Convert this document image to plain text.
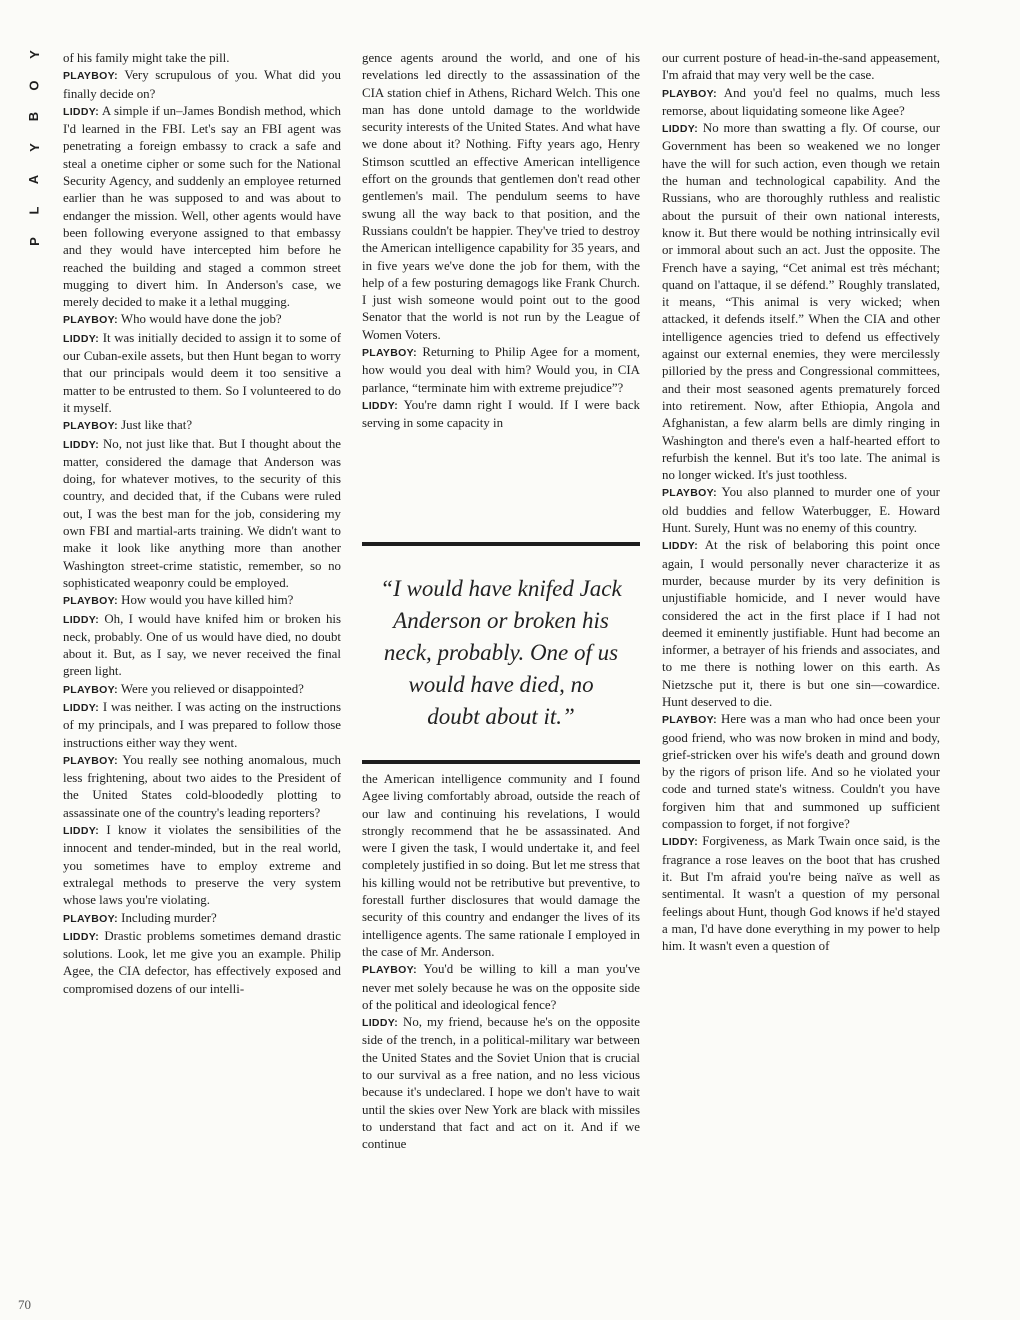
Y
O
B
Y
A
L
P

of his family might take the pill.

PLAYBOY: Very scrupulous of you. What did you finally decide on?

LIDDY: A simple if un–James Bondish method, which I'd learned in the FBI. Let's say an FBI agent was penetrating a foreign embassy to crack a safe and steal a onetime cipher or some such for the National Security Agency, and suddenly an employee returned earlier than he was supposed to and was about to endanger the mission. Well, other agents would have been following everyone assigned to that embassy and they would have intercepted him before he reached the building and staged a common street mugging to divert him. In Anderson's case, we merely decided to make it a lethal mugging.

PLAYBOY: Who would have done the job?

LIDDY: It was initially decided to assign it to some of our Cuban-exile assets, but then Hunt began to worry that our principals would deem it too sensitive a matter to be entrusted to them. So I volunteered to do it myself.

PLAYBOY: Just like that?

LIDDY: No, not just like that. But I thought about the matter, considered the damage that Anderson was doing, for whatever motives, to the security of this country, and decided that, if the Cubans were ruled out, I was the best man for the job, considering my own FBI and martial-arts training. We didn't want to make it look like anything more than another Washington street-crime statistic, remember, so no sophisticated weaponry could be employed.

PLAYBOY: How would you have killed him?

LIDDY: Oh, I would have knifed him or broken his neck, probably. One of us would have died, no doubt about it. But, as I say, we never received the final green light.

PLAYBOY: Were you relieved or disappointed?

LIDDY: I was neither. I was acting on the instructions of my principals, and I was prepared to follow those instructions either way they went.

PLAYBOY: You really see nothing anomalous, much less frightening, about two aides to the President of the United States cold-bloodedly plotting to assassinate one of the country's leading reporters?

LIDDY: I know it violates the sensibilities of the innocent and tender-minded, but in the real world, you sometimes have to employ extreme and extralegal methods to preserve the very system whose laws you're violating.

PLAYBOY: Including murder?

LIDDY: Drastic problems sometimes demand drastic solutions. Look, let me give you an example. Philip Agee, the CIA defector, has effectively exposed and compromised dozens of our intelli-

gence agents around the world, and one of his revelations led directly to the assassination of the CIA station chief in Athens, Richard Welch. This one man has done untold damage to the worldwide security interests of the United States. And what have we done about it? Nothing. Fifty years ago, Henry Stimson scuttled an effective American intelligence effort on the grounds that gentlemen don't read other gentlemen's mail. The pendulum seems to have swung all the way back to that position, and the Russians couldn't be happier. They've tried to destroy the American intelligence capability for 35 years, and in five years we've done the job for them, with the help of a few posturing demagogs like Frank Church. I just wish someone would point out to the good Senator that the world is not run by the League of Women Voters.

PLAYBOY: Returning to Philip Agee for a moment, how would you deal with him? Would you, in CIA parlance, “terminate him with extreme prejudice”?

LIDDY: You're damn right I would. If I were back serving in some capacity in

“I would have knifed Jack Anderson or broken his neck, probably. One of us would have died, no doubt about it.”

the American intelligence community and I found Agee living comfortably abroad, outside the reach of our law and continuing his revelations, I would strongly recommend that he be assassinated. And were I given the task, I would undertake it, and feel completely justified in so doing. But let me stress that his killing would not be retributive but preventive, to forestall further disclosures that would damage the security of this country and endanger the lives of its intelligence agents. The same rationale I employed in the case of Mr. Anderson.

PLAYBOY: You'd be willing to kill a man you've never met solely because he was on the opposite side of the political and ideological fence?

LIDDY: No, my friend, because he's on the opposite side of the trench, in a political-military war between the United States and the Soviet Union that is crucial to our survival as a free nation, and no less vicious because it's undeclared. I hope we don't have to wait until the skies over New York are black with missiles to understand that fact and act on it. And if we continue

our current posture of head-in-the-sand appeasement, I'm afraid that may very well be the case.

PLAYBOY: And you'd feel no qualms, much less remorse, about liquidating someone like Agee?

LIDDY: No more than swatting a fly. Of course, our Government has been so weakened we no longer have the will for such action, even though we retain the human and technological capability. And the Russians, who are thoroughly ruthless and realistic about the pursuit of their own national interests, know it. But there would be nothing intrinsically evil or immoral about such an act. Just the opposite. The French have a saying, “Cet animal est très méchant; quand on l'attaque, il se défend.” Roughly translated, it means, “This animal is very wicked; when attacked, it defends itself.” When the CIA and other intelligence agencies tried to defend us effectively against our external enemies, they were mercilessly pilloried by the press and Congressional committees, and their most seasoned agents prematurely forced into retirement. Now, after Ethiopia, Angola and Afghanistan, a few alarm bells are dimly ringing in Washington and there's even a half-hearted effort to refurbish the kennel. But it's too late. The animal is no longer wicked. It's just toothless.

PLAYBOY: You also planned to murder one of your old buddies and fellow Waterbugger, E. Howard Hunt. Surely, Hunt was no enemy of this country.

LIDDY: At the risk of belaboring this point once again, I would personally never characterize it as murder, because murder by its very definition is unjustifiable homicide, and I never would have considered the act in the first place if I had not deemed it eminently justifiable. Hunt had become an informer, a betrayer of his friends and associates, and to me there is nothing lower on this earth. As Nietzsche put it, there is but one sin—cowardice. Hunt deserved to die.

PLAYBOY: Here was a man who had once been your good friend, who was now broken in mind and body, grief-stricken over his wife's death and ground down by the rigors of prison life. And so he violated your code and turned state's witness. Couldn't you have forgiven him that and summoned up sufficient compassion to forget, if not forgive?

LIDDY: Forgiveness, as Mark Twain once said, is the fragrance a rose leaves on the boot that has crushed it. But I'm afraid you're being naïve as well as sentimental. It wasn't a question of my personal feelings about Hunt, though God knows if he'd stayed a man, I'd have done everything in my power to help him. It wasn't even a question of

70
